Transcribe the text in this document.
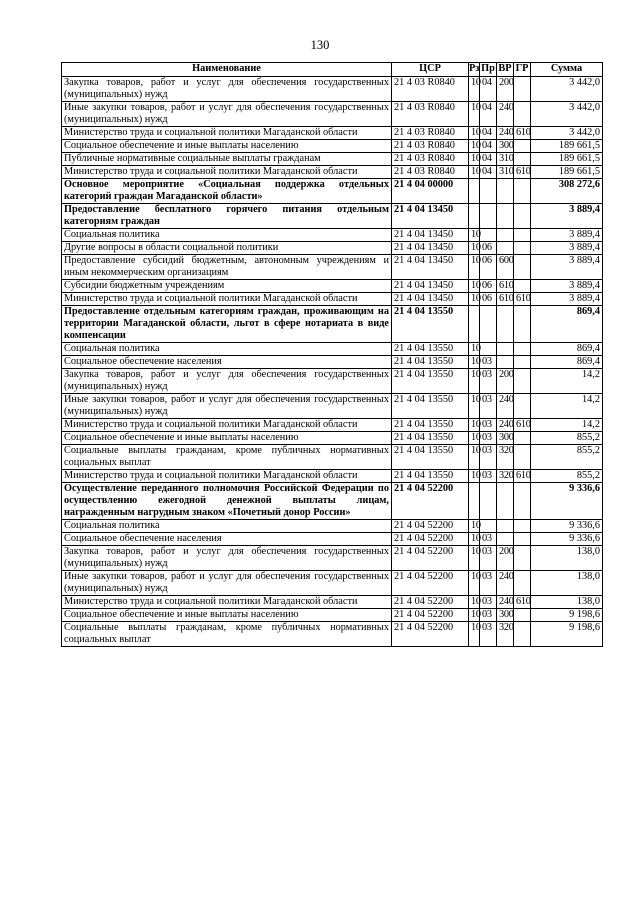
130
Наименование	ЦСР	Рз	Пр	ВР	ГР	Сумма
Закупка товаров, работ и услуг для обеспечения государственных (муниципальных) нужд	21 4 03 R0840	10	04	200		3 442,0
Иные закупки товаров, работ и услуг для обеспечения государственных (муниципальных) нужд	21 4 03 R0840	10	04	240		3 442,0
Министерство труда и социальной политики Магаданской области	21 4 03 R0840	10	04	240	610	3 442,0
Социальное обеспечение и иные выплаты населению	21 4 03 R0840	10	04	300		189 661,5
Публичные нормативные социальные выплаты гражданам	21 4 03 R0840	10	04	310		189 661,5
Министерство труда и социальной политики Магаданской области	21 4 03 R0840	10	04	310	610	189 661,5
Основное мероприятие «Социальная поддержка отдельных категорий граждан Магаданской области»	21 4 04 00000					308 272,6
Предоставление бесплатного горячего питания отдельным категориям граждан	21 4 04 13450					3 889,4
Социальная политика	21 4 04 13450	10				3 889,4
Другие вопросы в области социальной политики	21 4 04 13450	10	06			3 889,4
Предоставление субсидий бюджетным, автономным учреждениям и иным некоммерческим организациям	21 4 04 13450	10	06	600		3 889,4
Субсидии бюджетным учреждениям	21 4 04 13450	10	06	610		3 889,4
Министерство труда и социальной политики Магаданской области	21 4 04 13450	10	06	610	610	3 889,4
Предоставление отдельным категориям граждан, проживающим на территории Магаданской области, льгот в сфере нотариата в виде компенсации	21 4 04 13550					869,4
Социальная политика	21 4 04 13550	10				869,4
Социальное обеспечение населения	21 4 04 13550	10	03			869,4
Закупка товаров, работ и услуг для обеспечения государственных (муниципальных) нужд	21 4 04 13550	10	03	200		14,2
Иные закупки товаров, работ и услуг для обеспечения государственных (муниципальных) нужд	21 4 04 13550	10	03	240		14,2
Министерство труда и социальной политики Магаданской области	21 4 04 13550	10	03	240	610	14,2
Социальное обеспечение и иные выплаты населению	21 4 04 13550	10	03	300		855,2
Социальные выплаты гражданам, кроме публичных нормативных социальных выплат	21 4 04 13550	10	03	320		855,2
Министерство труда и социальной политики Магаданской области	21 4 04 13550	10	03	320	610	855,2
Осуществление переданного полномочия Российской Федерации по осуществлению ежегодной денежной выплаты лицам, награжденным нагрудным знаком «Почетный донор России»	21 4 04 52200					9 336,6
Социальная политика	21 4 04 52200	10				9 336,6
Социальное обеспечение населения	21 4 04 52200	10	03			9 336,6
Закупка товаров, работ и услуг для обеспечения государственных (муниципальных) нужд	21 4 04 52200	10	03	200		138,0
Иные закупки товаров, работ и услуг для обеспечения государственных (муниципальных) нужд	21 4 04 52200	10	03	240		138,0
Министерство труда и социальной политики Магаданской области	21 4 04 52200	10	03	240	610	138,0
Социальное обеспечение и иные выплаты населению	21 4 04 52200	10	03	300		9 198,6
Социальные выплаты гражданам, кроме публичных нормативных социальных выплат	21 4 04 52200	10	03	320		9 198,6
